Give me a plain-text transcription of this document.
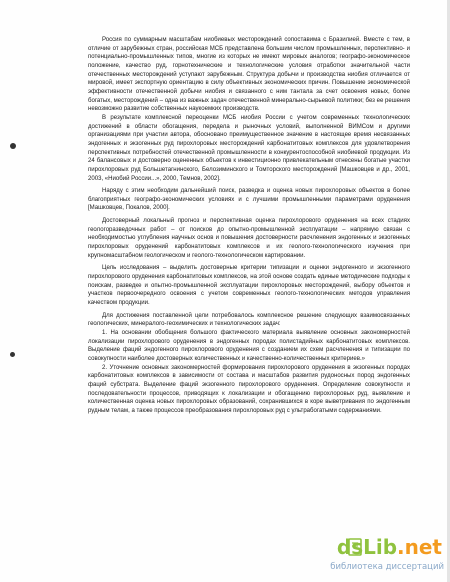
Россия по суммарным масштабам ниобиевых месторождений сопоставима с Бразилией. Вместе с тем, в отличие от зарубежных стран, российская МСБ представлена большим числом промышленных, перспективно- и потенциально-промышленных типов, многие из которых не имеют мировых аналогов; географо-экономическое положение, качество руд, горнотехнические и технологические условия отработки значительной части отечественных месторождений уступают зарубежным. Структура добычи и производства ниобия отличается от мировой, имеет экспортную ориентацию в силу объективных экономических причин. Повышение экономической эффективности отечественной добычи ниобия и связанного с ним тантала за счет освоения новых, более богатых, месторождений – одна из важных задач отечественной минерально-сырьевой политики; без ее решения невозможно развитие собственных наукоемких производств.

В результате комплексной переоценки МСБ ниобия России с учетом современных технологических достижений в области обогащения, передела и рыночных условий, выполненной ВИМСом и другими организациями при участии автора, обосновано преимущественное значение в настоящее время несвязанных эндогенных и экзогенных руд пирохлоровых месторождений карбонатитовых комплексов для удовлетворения перспективных потребностей отечественной промышленности в конкурентоспособной ниобиевой продукции. Из 24 балансовых и достоверно оцененных объектов к инвестиционно привлекательным отнесены богатые участки пирохлоровых руд Большетагнинского, Белозиминского и Томторского месторождений [Машковцев и др., 2001, 2003, «Ниобий России...», 2000, Темнов, 2002].

Наряду с этим необходим дальнейший поиск, разведка и оценка новых пирохлоровых объектов в более благоприятных географо-экономических условиях и с лучшими промышленными параметрами оруденения [Машковцев, Покалов, 2000].

Достоверный локальный прогноз и перспективная оценка пирохлорового оруденения на всех стадиях геологоразведочных работ – от поисков до опытно-промышленной эксплуатации – напрямую связан с необходимостью углубления научных основ и повышения достоверности расчленения эндогенных и экзогенных пирохлоровых оруденений карбонатитовых комплексов и их геолого-технологического изучения при крупномасштабном геологическом и геолого-технологическом картировании.

Цель исследования – выделить достоверные критерии типизации и оценки эндогенного и экзогенного пирохлорового оруденения карбонатитовых комплексов, на этой основе создать единые методические подходы к поискам, разведке и опытно-промышленной эксплуатации пирохлоровых месторождений, выбору объектов и участков первоочередного освоения с учетом современных геолого-технологических методов управления качеством продукции.

Для достижения поставленной цели потребовалось комплексное решение следующих взаимосвязанных геологических, минералого-геохимических и технологических задач:

1. На основании обобщения большого фактического материала выявление основных закономерностей локализации пирохлорового оруденения в эндогенных породах полистадийных карбонатитовых комплексов. Выделение фаций эндогенного пирохлорового оруденения с созданием их схем расчленения и типизации по совокупности наиболее достоверных количественных и качественно-количественных критериев.»

2. Уточнение основных закономерностей формирования пирохлорового оруденения в экзогенных породах карбонатитовых комплексов в зависимости от состава и масштабов развития рудоносных пород эндогенных фаций субстрата. Выделение фаций экзогенного пирохлорового оруденения. Определение совокупности и последовательности процессов, приводящих к локализации и обогащению пирохлоровых руд, выявление и количественная оценка новых пирохлоровых образований, сохранившихся в коре выветривания по эндогенным рудным телам, а также процессов преобразования пирохлоровых руд с ультрабогатыми содержаниями.

dsLib.net
библиотека диссертаций
